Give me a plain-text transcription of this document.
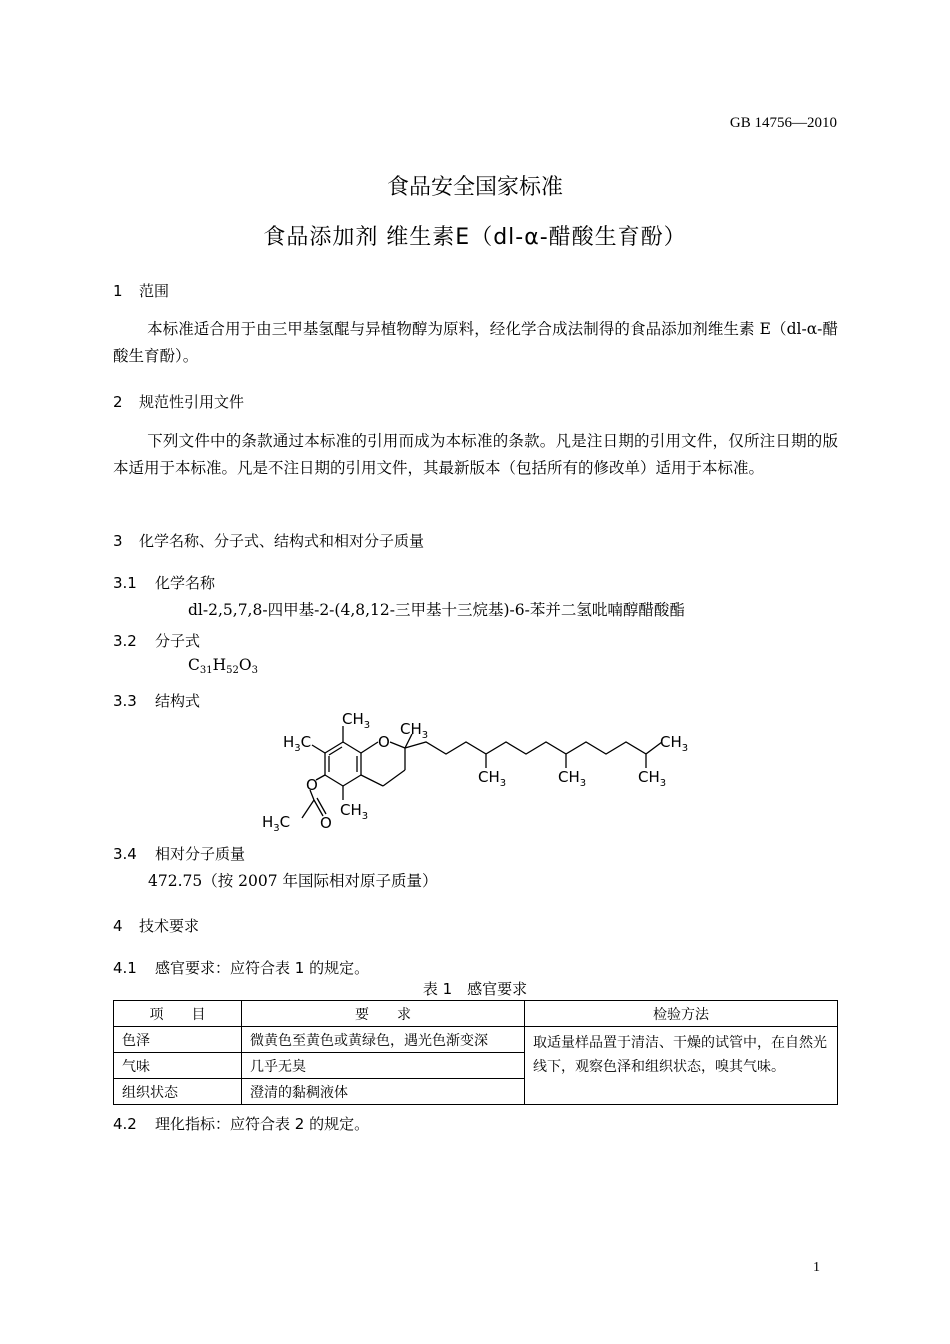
GB 14756—2010
食品安全国家标准
食品添加剂 维生素E（dl-α-醋酸生育酚）
1 范围
本标准适合用于由三甲基氢醌与异植物醇为原料，经化学合成法制得的食品添加剂维生素 E（dl-α-醋酸生育酚）。
2 规范性引用文件
下列文件中的条款通过本标准的引用而成为本标准的条款。凡是注日期的引用文件，仅所注日期的版本适用于本标准。凡是不注日期的引用文件，其最新版本（包括所有的修改单）适用于本标准。
3 化学名称、分子式、结构式和相对分子质量
3.1 化学名称
dl-2,5,7,8-四甲基-2-(4,8,12-三甲基十三烷基)-6-苯并二氢吡喃醇醋酸酯
3.2 分子式
$C_{31}H_{52}O_3$
3.3 结构式
$CH_3$
$H_3C$	O
$CH_3$
$CH_3$
O
$H_3C$ O
$CH_3$	$CH_3$	$CH_3$
$CH_3$
3.4 相对分子质量
472.75（按 2007 年国际相对原子质量）
4 技术要求
4.1 感官要求：应符合表 1 的规定。
表 1　感官要求
项　　目	要　　求	检验方法
色泽	微黄色至黄色或黄绿色，遇光色渐变深	取适量样品置于清洁、干燥的试管中，在自然光线下，观察色泽和组织状态，嗅其气味。
气味	几乎无臭	
组织状态	澄清的黏稠液体	
4.2 理化指标：应符合表 2 的规定。
1
